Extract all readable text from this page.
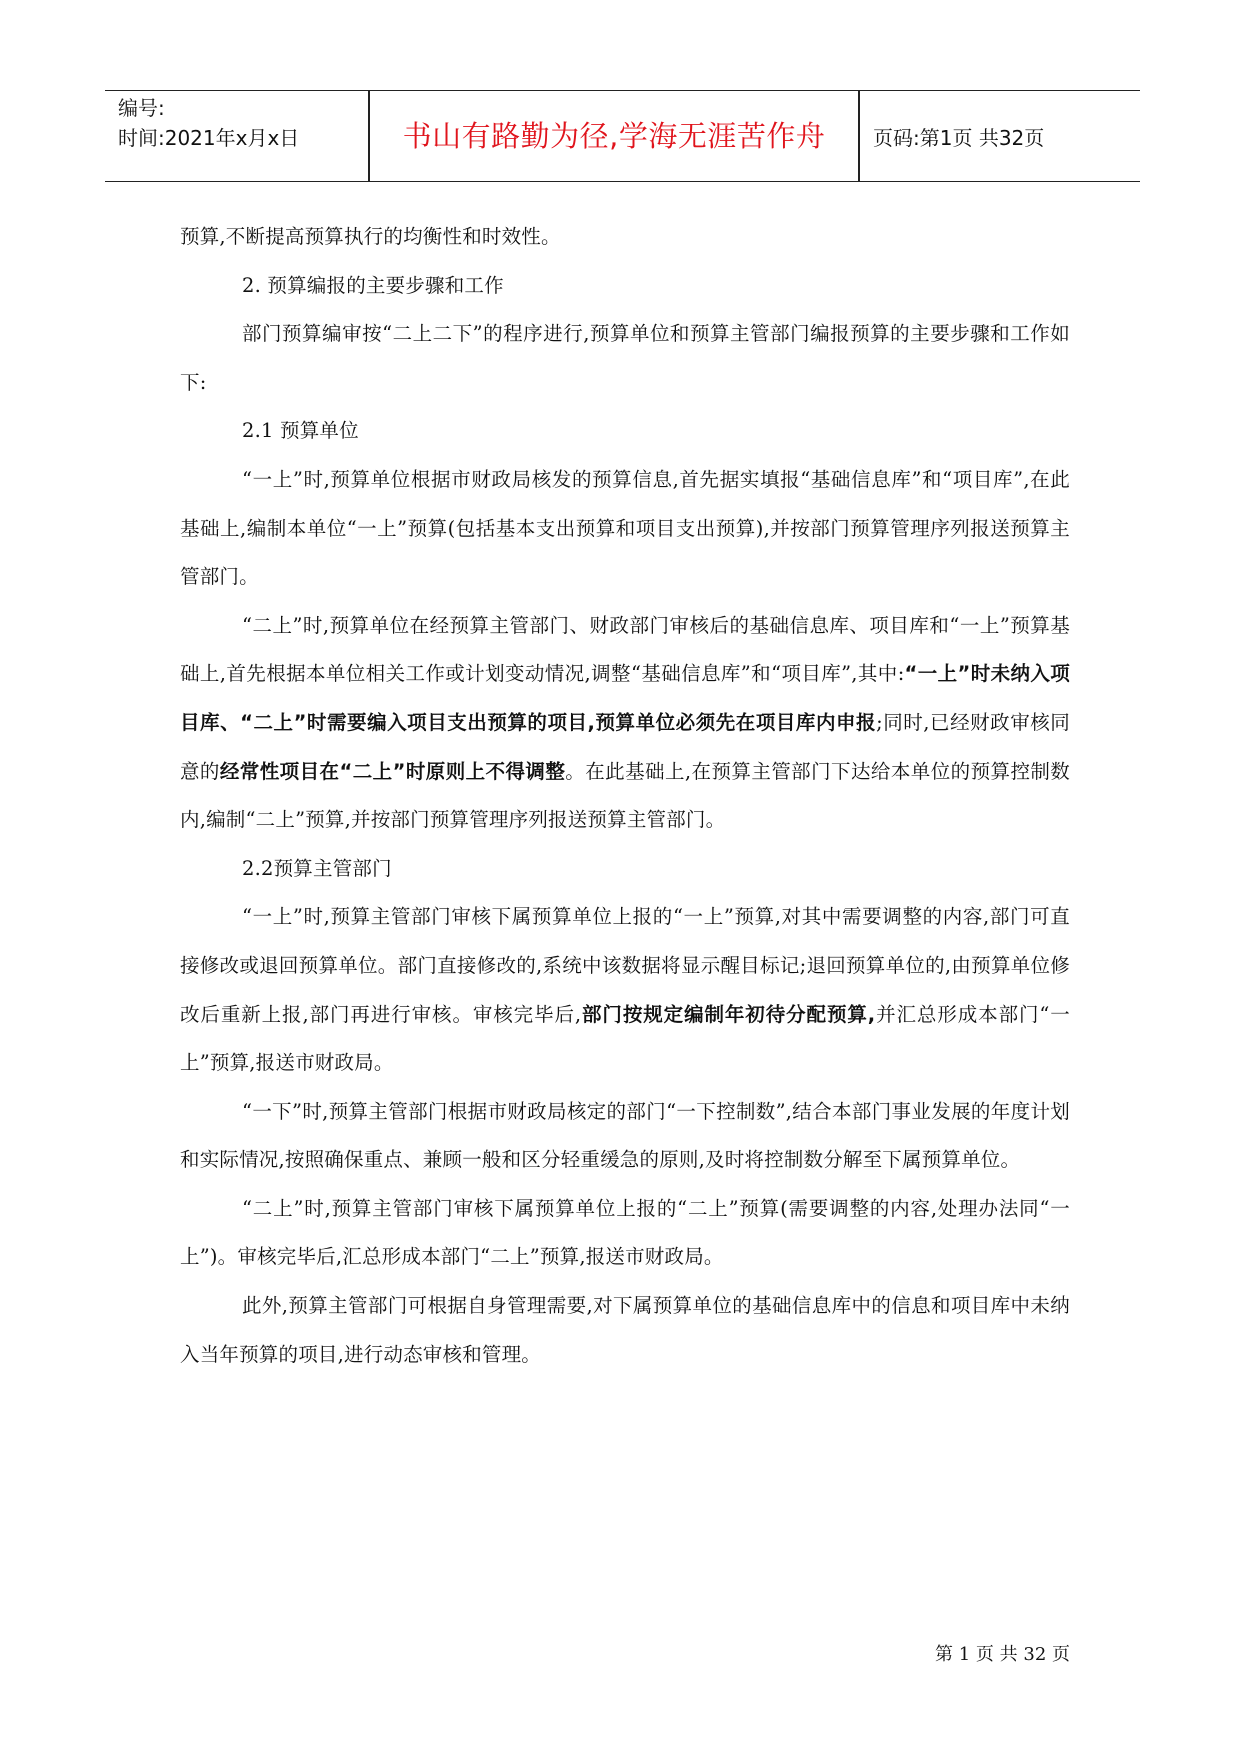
编号:
时间:2021年x月x日	书山有路勤为径,学海无涯苦作舟	页码:第1页 共32页

预算,不断提高预算执行的均衡性和时效性。

2. 预算编报的主要步骤和工作

部门预算编审按“二上二下”的程序进行,预算单位和预算主管部门编报预算的主要步骤和工作如下:

2.1 预算单位

“一上”时,预算单位根据市财政局核发的预算信息,首先据实填报“基础信息库”和“项目库”,在此基础上,编制本单位“一上”预算(包括基本支出预算和项目支出预算),并按部门预算管理序列报送预算主管部门。

“二上”时,预算单位在经预算主管部门、财政部门审核后的基础信息库、项目库和“一上”预算基础上,首先根据本单位相关工作或计划变动情况,调整“基础信息库”和“项目库”,其中:“一上”时未纳入项目库、“二上”时需要编入项目支出预算的项目,预算单位必须先在项目库内申报;同时,已经财政审核同意的经常性项目在“二上”时原则上不得调整。在此基础上,在预算主管部门下达给本单位的预算控制数内,编制“二上”预算,并按部门预算管理序列报送预算主管部门。

2.2预算主管部门

“一上”时,预算主管部门审核下属预算单位上报的“一上”预算,对其中需要调整的内容,部门可直接修改或退回预算单位。部门直接修改的,系统中该数据将显示醒目标记;退回预算单位的,由预算单位修改后重新上报,部门再进行审核。审核完毕后,部门按规定编制年初待分配预算,并汇总形成本部门“一上”预算,报送市财政局。

“一下”时,预算主管部门根据市财政局核定的部门“一下控制数”,结合本部门事业发展的年度计划和实际情况,按照确保重点、兼顾一般和区分轻重缓急的原则,及时将控制数分解至下属预算单位。

“二上”时,预算主管部门审核下属预算单位上报的“二上”预算(需要调整的内容,处理办法同“一上”)。审核完毕后,汇总形成本部门“二上”预算,报送市财政局。

此外,预算主管部门可根据自身管理需要,对下属预算单位的基础信息库中的信息和项目库中未纳入当年预算的项目,进行动态审核和管理。

第 1 页 共 32 页
